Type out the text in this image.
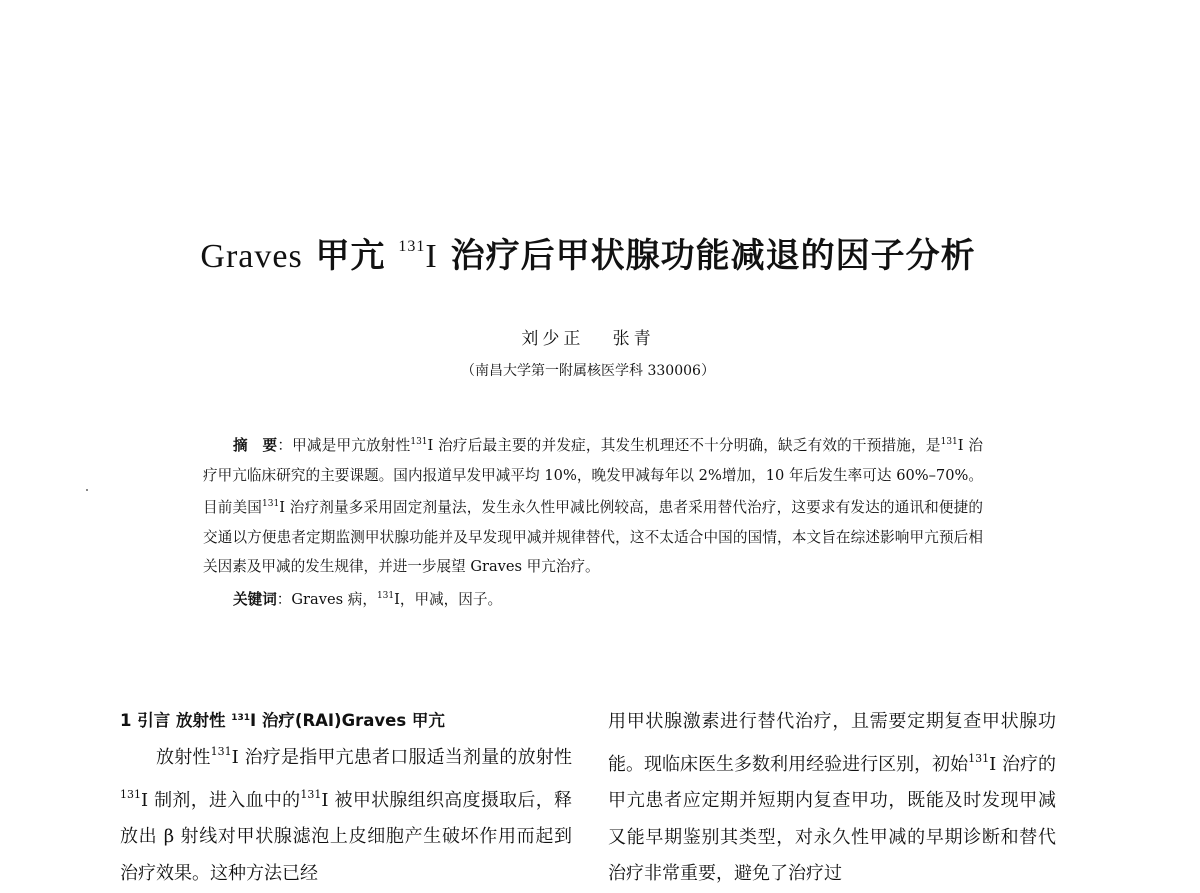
Graves 甲亢 $^{131}$I 治疗后甲状腺功能减退的因子分析
刘少正   张青
（南昌大学第一附属核医学科 330006）

摘　要：甲减是甲亢放射性$^{131}$I 治疗后最主要的并发症，其发生机理还不十分明确，缺乏有效的干预措施，是$^{131}$I 治疗甲亢临床研究的主要课题。国内报道早发甲减平均 10%，晚发甲减每年以 2%增加，10 年后发生率可达 60%–70%。目前美国$^{131}$I 治疗剂量多采用固定剂量法，发生永久性甲减比例较高，患者采用替代治疗，这要求有发达的通讯和便捷的交通以方便患者定期监测甲状腺功能并及早发现甲减并规律替代，这不太适合中国的国情，本文旨在综述影响甲亢预后相关因素及甲减的发生规律，并进一步展望 Graves 甲亢治疗。

关键词：Graves 病，$^{131}$I，甲减，因子。

1 引言 放射性 $^{131}$I 治疗(RAI)Graves 甲亢

放射性$^{131}$I 治疗是指甲亢患者口服适当剂量的放射性$^{131}$I 制剂，进入血中的$^{131}$I 被甲状腺组织高度摄取后，释放出 β 射线对甲状腺滤泡上皮细胞产生破坏作用而起到治疗效果。这种方法已经

用甲状腺激素进行替代治疗，且需要定期复查甲状腺功能。现临床医生多数利用经验进行区别，初始$^{131}$I 治疗的甲亢患者应定期并短期内复查甲功，既能及时发现甲减又能早期鉴别其类型，对永久性甲减的早期诊断和替代治疗非常重要，避免了治疗过
